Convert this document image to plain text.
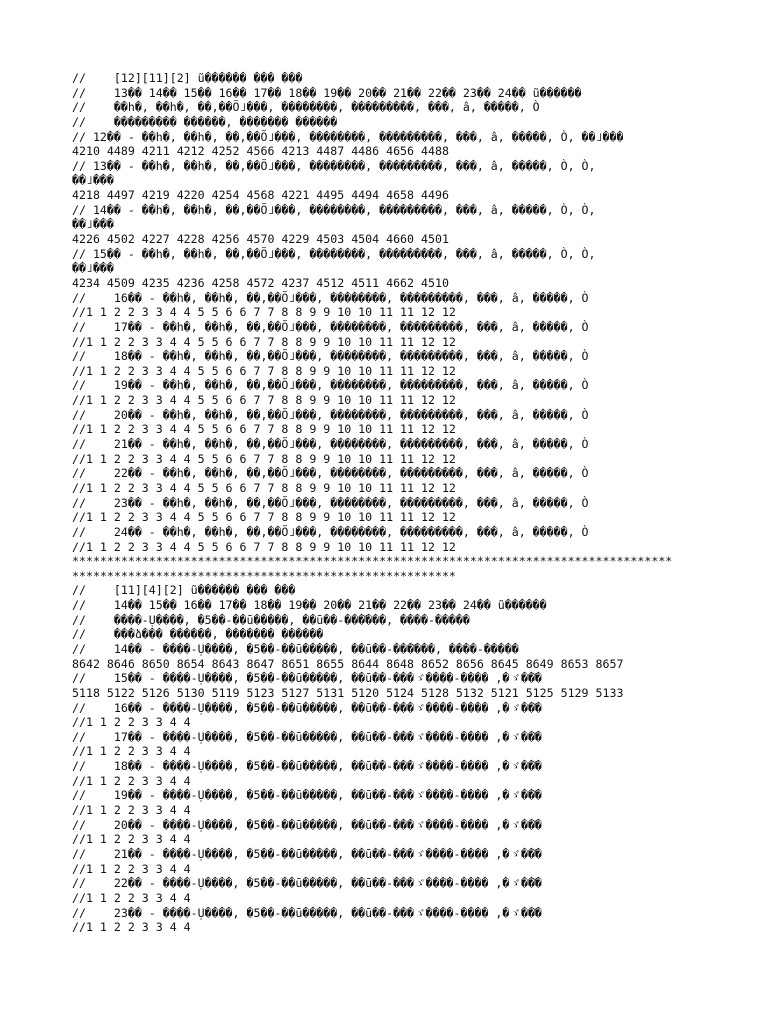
//    [12][11][2] ũ������ ��� ���
//    13�� 14�� 15�� 16�� 17�� 18�� 19�� 20�� 21�� 22�� 23�� 24�� ũ������
//    ��h�, ��h�, ��,��Õ˩���, ��������, ���������, ���, â, �����, Ò
//    ��������� ������, ������� ������
// 12�� - ��h�, ��h�, ��,��Õ˩���, ��������, ���������, ���, â, �����, Ò, ��˩���
4210 4489 4211 4212 4252 4566 4213 4487 4486 4656 4488
// 13�� - ��h�, ��h�, ��,��Õ˩���, ��������, ���������, ���, â, �����, Ò, Ò,
��˩���
4218 4497 4219 4220 4254 4568 4221 4495 4494 4658 4496
// 14�� - ��h�, ��h�, ��,��Õ˩���, ��������, ���������, ���, â, �����, Ò, Ò,
��˩���
4226 4502 4227 4228 4256 4570 4229 4503 4504 4660 4501
// 15�� - ��h�, ��h�, ��,��Õ˩���, ��������, ���������, ���, â, �����, Ò, Ò,
��˩���
4234 4509 4235 4236 4258 4572 4237 4512 4511 4662 4510
//    16�� - ��h�, ��h�, ��,��Õ˩���, ��������, ���������, ���, â, �����, Ò
//1 1 2 2 3 3 4 4 5 5 6 6 7 7 8 8 9 9 10 10 11 11 12 12
//    17�� - ��h�, ��h�, ��,��Õ˩���, ��������, ���������, ���, â, �����, Ò
//1 1 2 2 3 3 4 4 5 5 6 6 7 7 8 8 9 9 10 10 11 11 12 12
//    18�� - ��h�, ��h�, ��,��Õ˩���, ��������, ���������, ���, â, �����, Ò
//1 1 2 2 3 3 4 4 5 5 6 6 7 7 8 8 9 9 10 10 11 11 12 12
//    19�� - ��h�, ��h�, ��,��Õ˩���, ��������, ���������, ���, â, �����, Ò
//1 1 2 2 3 3 4 4 5 5 6 6 7 7 8 8 9 9 10 10 11 11 12 12
//    20�� - ��h�, ��h�, ��,��Õ˩���, ��������, ���������, ���, â, �����, Ò
//1 1 2 2 3 3 4 4 5 5 6 6 7 7 8 8 9 9 10 10 11 11 12 12
//    21�� - ��h�, ��h�, ��,��Õ˩���, ��������, ���������, ���, â, �����, Ò
//1 1 2 2 3 3 4 4 5 5 6 6 7 7 8 8 9 9 10 10 11 11 12 12
//    22�� - ��h�, ��h�, ��,��Õ˩���, ��������, ���������, ���, â, �����, Ò
//1 1 2 2 3 3 4 4 5 5 6 6 7 7 8 8 9 9 10 10 11 11 12 12
//    23�� - ��h�, ��h�, ��,��Õ˩���, ��������, ���������, ���, â, �����, Ò
//1 1 2 2 3 3 4 4 5 5 6 6 7 7 8 8 9 9 10 10 11 11 12 12
//    24�� - ��h�, ��h�, ��,��Õ˩���, ��������, ���������, ���, â, �����, Ò
//1 1 2 2 3 3 4 4 5 5 6 6 7 7 8 8 9 9 10 10 11 11 12 12
**************************************************************************************
*******************************************************
//    [11][4][2] ũ������ ��� ���
//    14�� 15�� 16�� 17�� 18�� 19�� 20�� 21�� 22�� 23�� 24�� ũ������
//    ����-Ụ����, �5��-��ū�����, ��ū��-���꙼���, ����-�����
//    ���ձ��� ������, ������� ������
//    14�� - ����-Ụ����, �5��-��ū�����, ��ū��-���꙼���, ����-�����
8642 8646 8650 8654 8643 8647 8651 8655 8644 8648 8652 8656 8645 8649 8653 8657
//    15�� - ����-Ụ����, �5��-��ū�����, ��ū��-���ゞ����-���� ,�ゞ��꙼�
5118 5122 5126 5130 5119 5123 5127 5131 5120 5124 5128 5132 5121 5125 5129 5133
//    16�� - ����-Ụ����, �5��-��ū�����, ��ū��-���ゞ����-���� ,�ゞ��꙼�
//1 1 2 2 3 3 4 4
//    17�� - ����-Ụ����, �5��-��ū�����, ��ū��-���ゞ����-���� ,�ゞ��꙼�
//1 1 2 2 3 3 4 4
//    18�� - ����-Ụ����, �5��-��ū�����, ��ū��-���ゞ����-���� ,�ゞ��꙼�
//1 1 2 2 3 3 4 4
//    19�� - ����-Ụ����, �5��-��ū�����, ��ū��-���ゞ����-���� ,�ゞ��꙼�
//1 1 2 2 3 3 4 4
//    20�� - ����-Ụ����, �5��-��ū�����, ��ū��-���ゞ����-���� ,�ゞ��꙼�
//1 1 2 2 3 3 4 4
//    21�� - ����-Ụ����, �5��-��ū�����, ��ū��-���ゞ����-���� ,�ゞ��꙼�
//1 1 2 2 3 3 4 4
//    22�� - ����-Ụ����, �5��-��ū�����, ��ū��-���ゞ����-���� ,�ゞ��꙼�
//1 1 2 2 3 3 4 4
//    23�� - ����-Ụ����, �5��-��ū�����, ��ū��-���ゞ����-���� ,�ゞ��꙼�
//1 1 2 2 3 3 4 4
